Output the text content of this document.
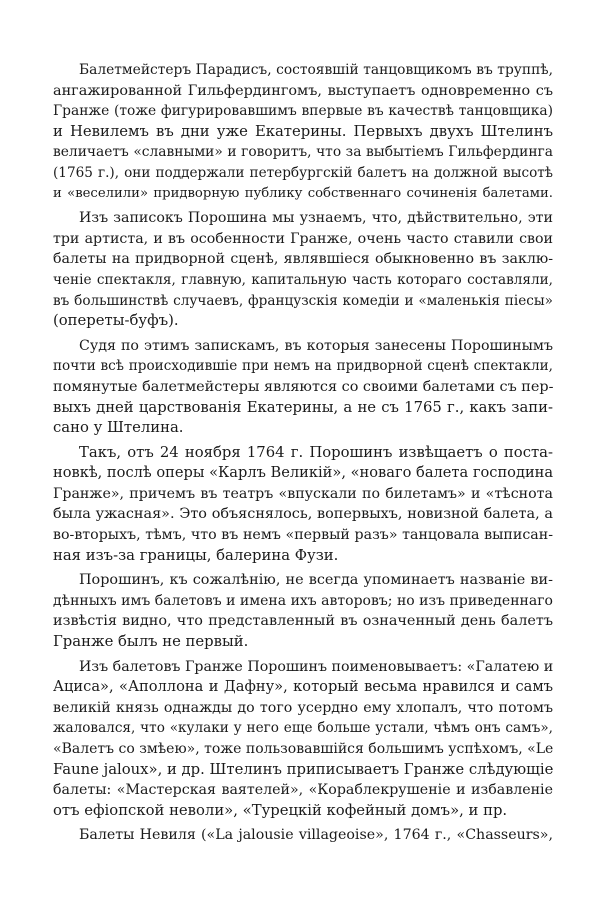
Балетмейстеръ Парадисъ, состоявшій танцовщикомъ въ труппѣ,
ангажированной Гильфердингомъ, выступаетъ одновременно съ
Гранже (тоже фигурировавшимъ впервые въ качествѣ танцовщика)
и Невилемъ въ дни уже Екатерины. Первыхъ двухъ Штелинъ
величаетъ «славными» и говоритъ, что за выбытіемъ Гильфердинга
(1765 г.), они поддержали петербургскій балетъ на должной высотѣ
и «веселили» придворную публику собственнаго сочиненія балетами.

Изъ записокъ Порошина мы узнаемъ, что, дѣйствительно, эти
три артиста, и въ особенности Гранже, очень часто ставили свои
балеты на придворной сценѣ, являвшіеся обыкновенно въ заклю-
ченіе спектакля, главную, капитальную часть котораго составляли,
въ большинствѣ случаевъ, французскія комедіи и «маленькія піесы»
(опереты-буфъ).

Судя по этимъ запискамъ, въ которыя занесены Порошинымъ
почти всѣ происходившіе при немъ на придворной сценѣ спектакли,
помянутые балетмейстеры являются со своими балетами съ пер-
выхъ дней царствованія Екатерины, а не съ 1765 г., какъ запи-
сано у Штелина.

Такъ, отъ 24 ноября 1764 г. Порошинъ извѣщаетъ о поста-
новкѣ, послѣ оперы «Карлъ Великій», «новаго балета господина
Гранже», причемъ въ театръ «впускали по билетамъ» и «тѣснота
была ужасная». Это объяснялось, вопервыхъ, новизной балета, а
во-вторыхъ, тѣмъ, что въ немъ «первый разъ» танцовала выписан-
ная изъ-за границы, балерина Фузи.

Порошинъ, къ сожалѣнію, не всегда упоминаетъ названіе ви-
дѣнныхъ имъ балетовъ и имена ихъ авторовъ; но изъ приведеннаго
извѣстія видно, что представленный въ означенный день балетъ
Гранже былъ не первый.

Изъ балетовъ Гранже Порошинъ поименовываетъ: «Галатею и
Ациса», «Аполлона и Дафну», который весьма нравился и самъ
великій князь однажды до того усердно ему хлопалъ, что потомъ
жаловался, что «кулаки у него еще больше устали, чѣмъ онъ самъ»,
«Валетъ со змѣею», тоже пользовавшійся большимъ успѣхомъ, «Le
Faune jaloux», и др. Штелинъ приписываетъ Гранже слѣдующіе
балеты: «Мастерская ваятелей», «Кораблекрушеніе и избавленіе
отъ ефіопской неволи», «Турецкій кофейный домъ», и пр.

Балеты Невиля («La jalousie villageoise», 1764 г., «Chasseurs»,
